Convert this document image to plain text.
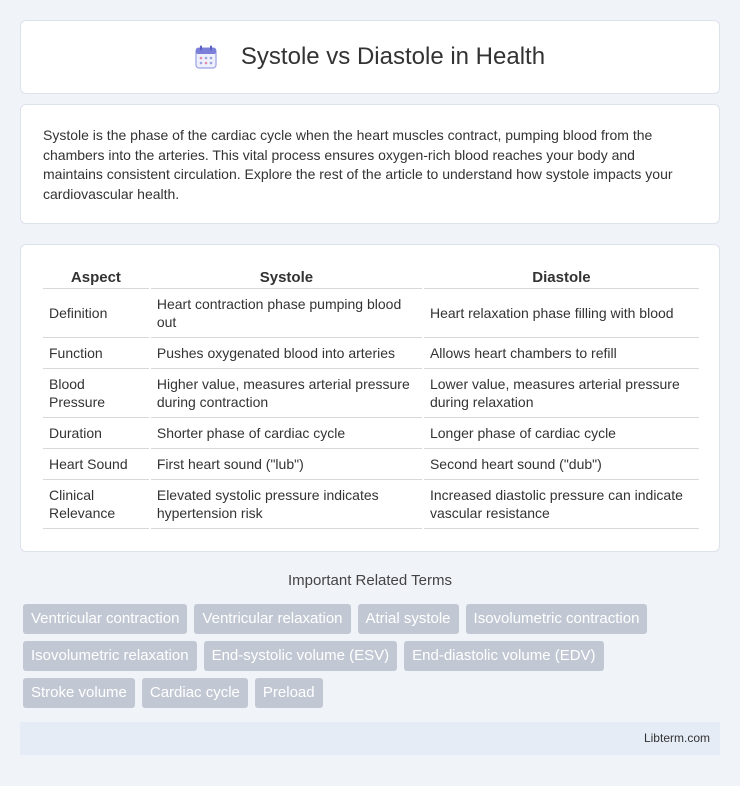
Systole vs Diastole in Health

Systole is the phase of the cardiac cycle when the heart muscles contract, pumping blood from the chambers into the arteries. This vital process ensures oxygen-rich blood reaches your body and maintains consistent circulation. Explore the rest of the article to understand how systole impacts your cardiovascular health.

Aspect	Systole	Diastole
Definition	Heart contraction phase pumping blood out	Heart relaxation phase filling with blood
Function	Pushes oxygenated blood into arteries	Allows heart chambers to refill
Blood Pressure	Higher value, measures arterial pressure during contraction	Lower value, measures arterial pressure during relaxation
Duration	Shorter phase of cardiac cycle	Longer phase of cardiac cycle
Heart Sound	First heart sound ("lub")	Second heart sound ("dub")
Clinical Relevance	Elevated systolic pressure indicates hypertension risk	Increased diastolic pressure can indicate vascular resistance
Important Related Terms
Ventricular contraction	Ventricular relaxation	Atrial systole	Isovolumetric contraction
Isovolumetric relaxation	End-systolic volume (ESV)	End-diastolic volume (EDV)
Stroke volume	Cardiac cycle	Preload
Libterm.com
